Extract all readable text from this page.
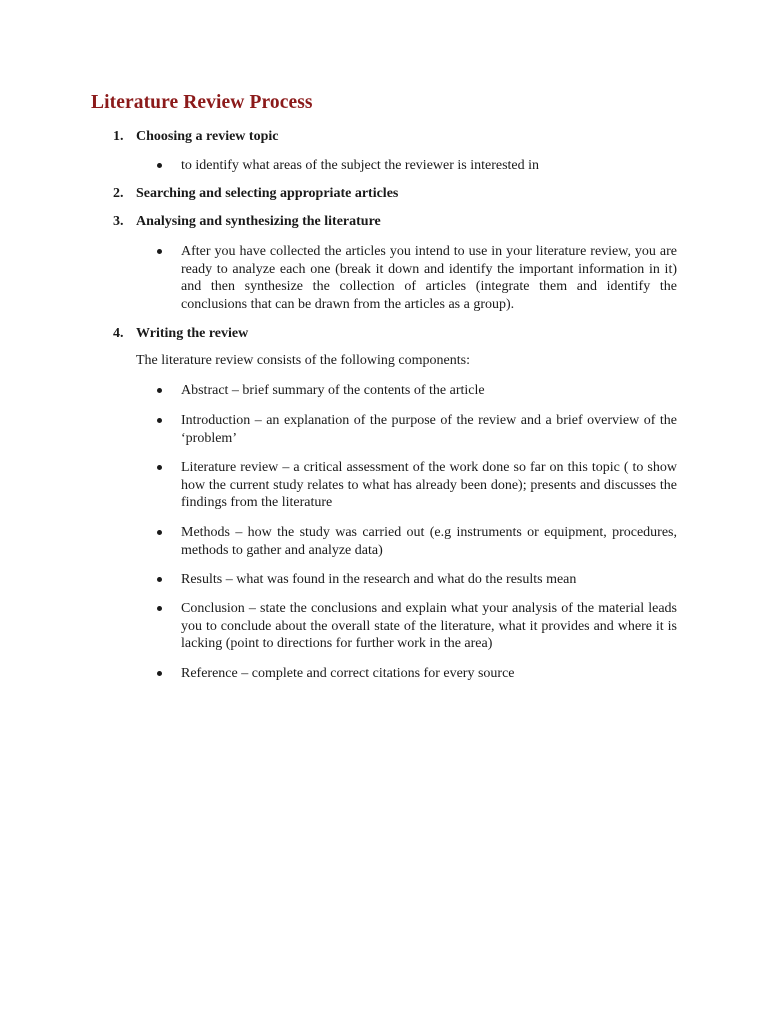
Literature Review Process
1. Choosing a review topic
to identify what areas of the subject the reviewer is interested in
2. Searching and selecting appropriate articles
3. Analysing and synthesizing the literature
After you have collected the articles you intend to use in your literature review, you are ready to analyze each one (break it down and identify the important information in it) and then synthesize the collection of articles (integrate them and identify the conclusions that can be drawn from the articles as a group).
4. Writing the review
The literature review consists of the following components:
Abstract – brief summary of the contents of the article
Introduction – an explanation of the purpose of the review and a brief overview of the ‘problem’
Literature review – a critical assessment of the work done so far on this topic ( to show how the current study relates to what has already been done); presents and discusses the findings from the literature
Methods – how the study was carried out (e.g instruments or equipment, procedures, methods to gather and analyze data)
Results – what was found in the research and what do the results mean
Conclusion – state the conclusions and explain what your analysis of the material leads you to conclude about the overall state of the literature, what it provides and where it is lacking (point to directions for further work in the area)
Reference – complete and correct citations for every source
